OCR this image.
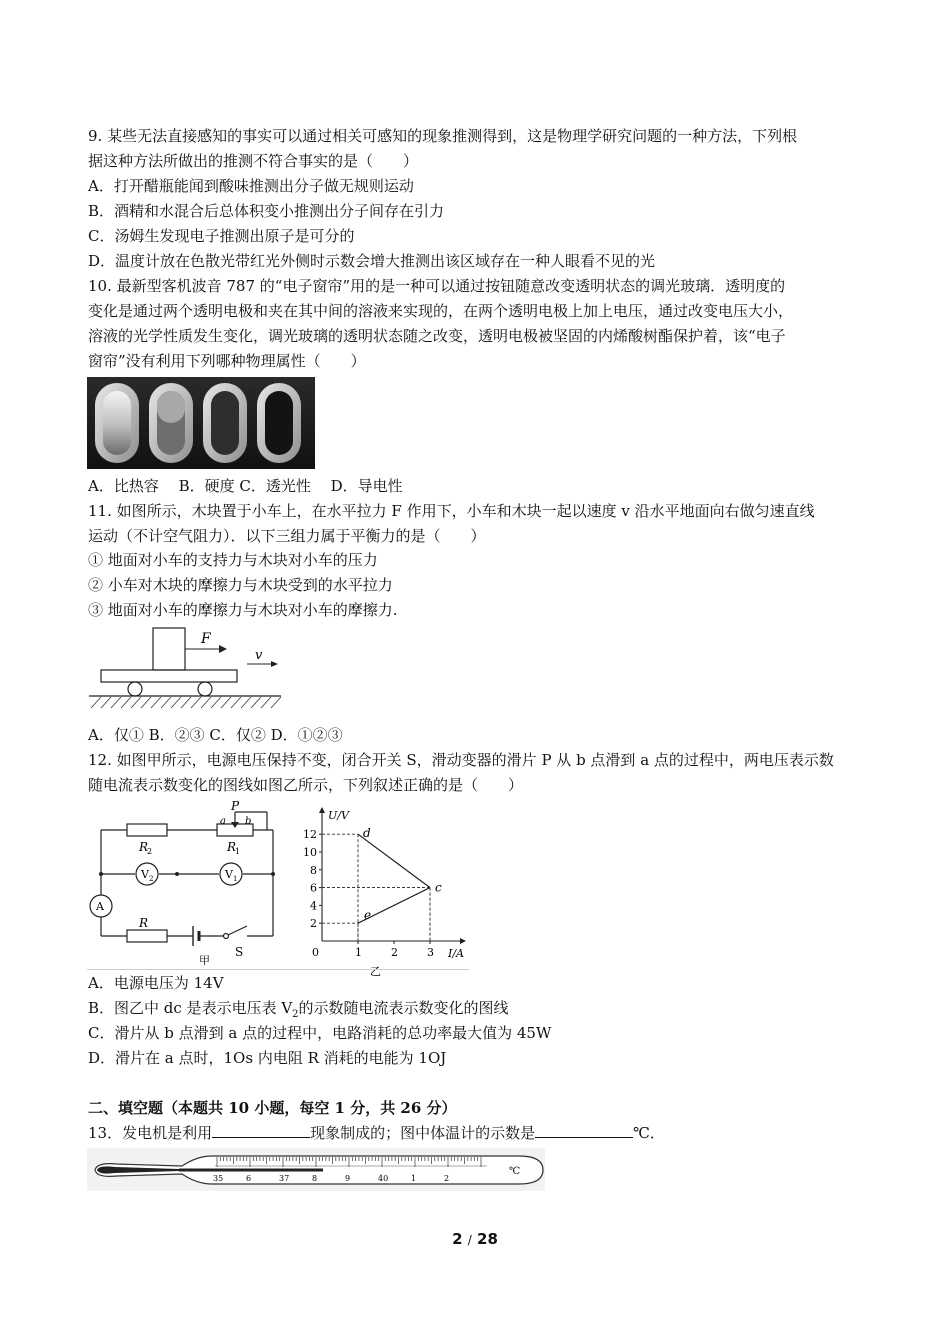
9. 某些无法直接感知的事实可以通过相关可感知的现象推测得到，这是物理学研究问题的一种方法，下列根
据这种方法所做出的推测不符合事实的是（　　）
A．打开醋瓶能闻到酸味推测出分子做无规则运动
B．酒精和水混合后总体积变小推测出分子间存在引力
C．汤姆生发现电子推测出原子是可分的
D．温度计放在色散光带红光外侧时示数会增大推测出该区域存在一种人眼看不见的光
10. 最新型客机波音 787 的“电子窗帘”用的是一种可以通过按钮随意改变透明状态的调光玻璃．透明度的
变化是通过两个透明电极和夹在其中间的溶液来实现的，在两个透明电极上加上电压，通过改变电压大小，
溶液的光学性质发生变化，调光玻璃的透明状态随之改变，透明电极被坚固的内烯酸树酯保护着，该“电子
窗帘”没有利用下列哪种物理属性（　　）
A．比热容　 B．硬度 C．透光性　 D．导电性
11. 如图所示，木块置于小车上，在水平拉力 F 作用下，小车和木块一起以速度 v 沿水平地面向右做匀速直线
运动（不计空气阻力）．以下三组力属于平衡力的是（　　）
① 地面对小车的支持力与木块对小车的压力
② 小车对木块的摩擦力与木块受到的水平拉力
③ 地面对小车的摩擦力与木块对小车的摩擦力.
F
v
A．仅① B．②③ C．仅② D．①②③
12. 如图甲所示，电源电压保持不变，闭合开关 S，滑动变器的滑片 P 从 b 点滑到 a 点的过程中，两电压表示数
随电流表示数变化的图线如图乙所示，下列叙述正确的是（　　）
R
2	R
1
R
V 2	V 1
A
P
a b
S
甲
U/V
I/A
乙
2
4
6
8
10
12
0	1	2	3
d
c
e
A．电源电压为 14V
B．图乙中 dc 是表示电压表 $V_2$的示数随电流表示数变化的图线
C．滑片从 b 点滑到 a 点的过程中，电路消耗的总功率最大值为 45W
D．滑片在 a 点时，1Os 内电阻 R 消耗的电能为 1OJ
二、填空题（本题共 10 小题，每空 1 分，共 26 分）
13．发电机是利用	现象制成的；图中体温计的示数是	℃．
35	6	37	8	9	40	1	2
℃
2 / 28
